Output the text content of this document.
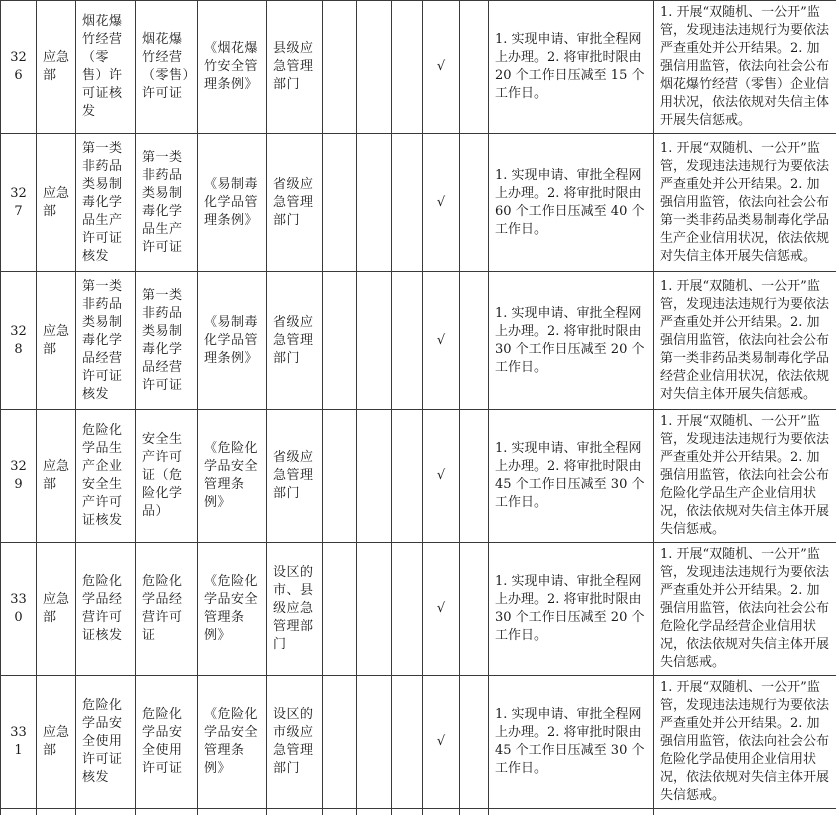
326	应急部	烟花爆竹经营（零售）许可证核发	烟花爆竹经营（零售）许可证	《烟花爆竹安全管理条例》	县级应急管理部门				√		1. 实现申请、审批全程网上办理。2. 将审批时限由 20 个工作日压减至 15 个工作日。	1. 开展“双随机、一公开”监管，发现违法违规行为要依法严查重处并公开结果。2. 加强信用监管，依法向社会公布烟花爆竹经营（零售）企业信用状况，依法依规对失信主体开展失信惩戒。
327	应急部	第一类非药品类易制毒化学品生产许可证核发	第一类非药品类易制毒化学品生产许可证	《易制毒化学品管理条例》	省级应急管理部门				√		1. 实现申请、审批全程网上办理。2. 将审批时限由 60 个工作日压减至 40 个工作日。	1. 开展“双随机、一公开”监管，发现违法违规行为要依法严查重处并公开结果。2. 加强信用监管，依法向社会公布第一类非药品类易制毒化学品生产企业信用状况，依法依规对失信主体开展失信惩戒。
328	应急部	第一类非药品类易制毒化学品经营许可证核发	第一类非药品类易制毒化学品经营许可证	《易制毒化学品管理条例》	省级应急管理部门				√		1. 实现申请、审批全程网上办理。2. 将审批时限由 30 个工作日压减至 20 个工作日。	1. 开展“双随机、一公开”监管，发现违法违规行为要依法严查重处并公开结果。2. 加强信用监管，依法向社会公布第一类非药品类易制毒化学品经营企业信用状况，依法依规对失信主体开展失信惩戒。
329	应急部	危险化学品生产企业安全生产许可证核发	安全生产许可证（危险化学品）	《危险化学品安全管理条例》	省级应急管理部门				√		1. 实现申请、审批全程网上办理。2. 将审批时限由 45 个工作日压减至 30 个工作日。	1. 开展“双随机、一公开”监管，发现违法违规行为要依法严查重处并公开结果。2. 加强信用监管，依法向社会公布危险化学品生产企业信用状况，依法依规对失信主体开展失信惩戒。
330	应急部	危险化学品经营许可证核发	危险化学品经营许可证	《危险化学品安全管理条例》	设区的市、县级应急管理部门				√		1. 实现申请、审批全程网上办理。2. 将审批时限由 30 个工作日压减至 20 个工作日。	1. 开展“双随机、一公开”监管，发现违法违规行为要依法严查重处并公开结果。2. 加强信用监管，依法向社会公布危险化学品经营企业信用状况，依法依规对失信主体开展失信惩戒。
331	应急部	危险化学品安全使用许可证核发	危险化学品安全使用许可证	《危险化学品安全管理条例》	设区的市级应急管理部门				√		1. 实现申请、审批全程网上办理。2. 将审批时限由 45 个工作日压减至 30 个工作日。	1. 开展“双随机、一公开”监管，发现违法违规行为要依法严查重处并公开结果。2. 加强信用监管，依法向社会公布危险化学品使用企业信用状况，依法依规对失信主体开展失信惩戒。
